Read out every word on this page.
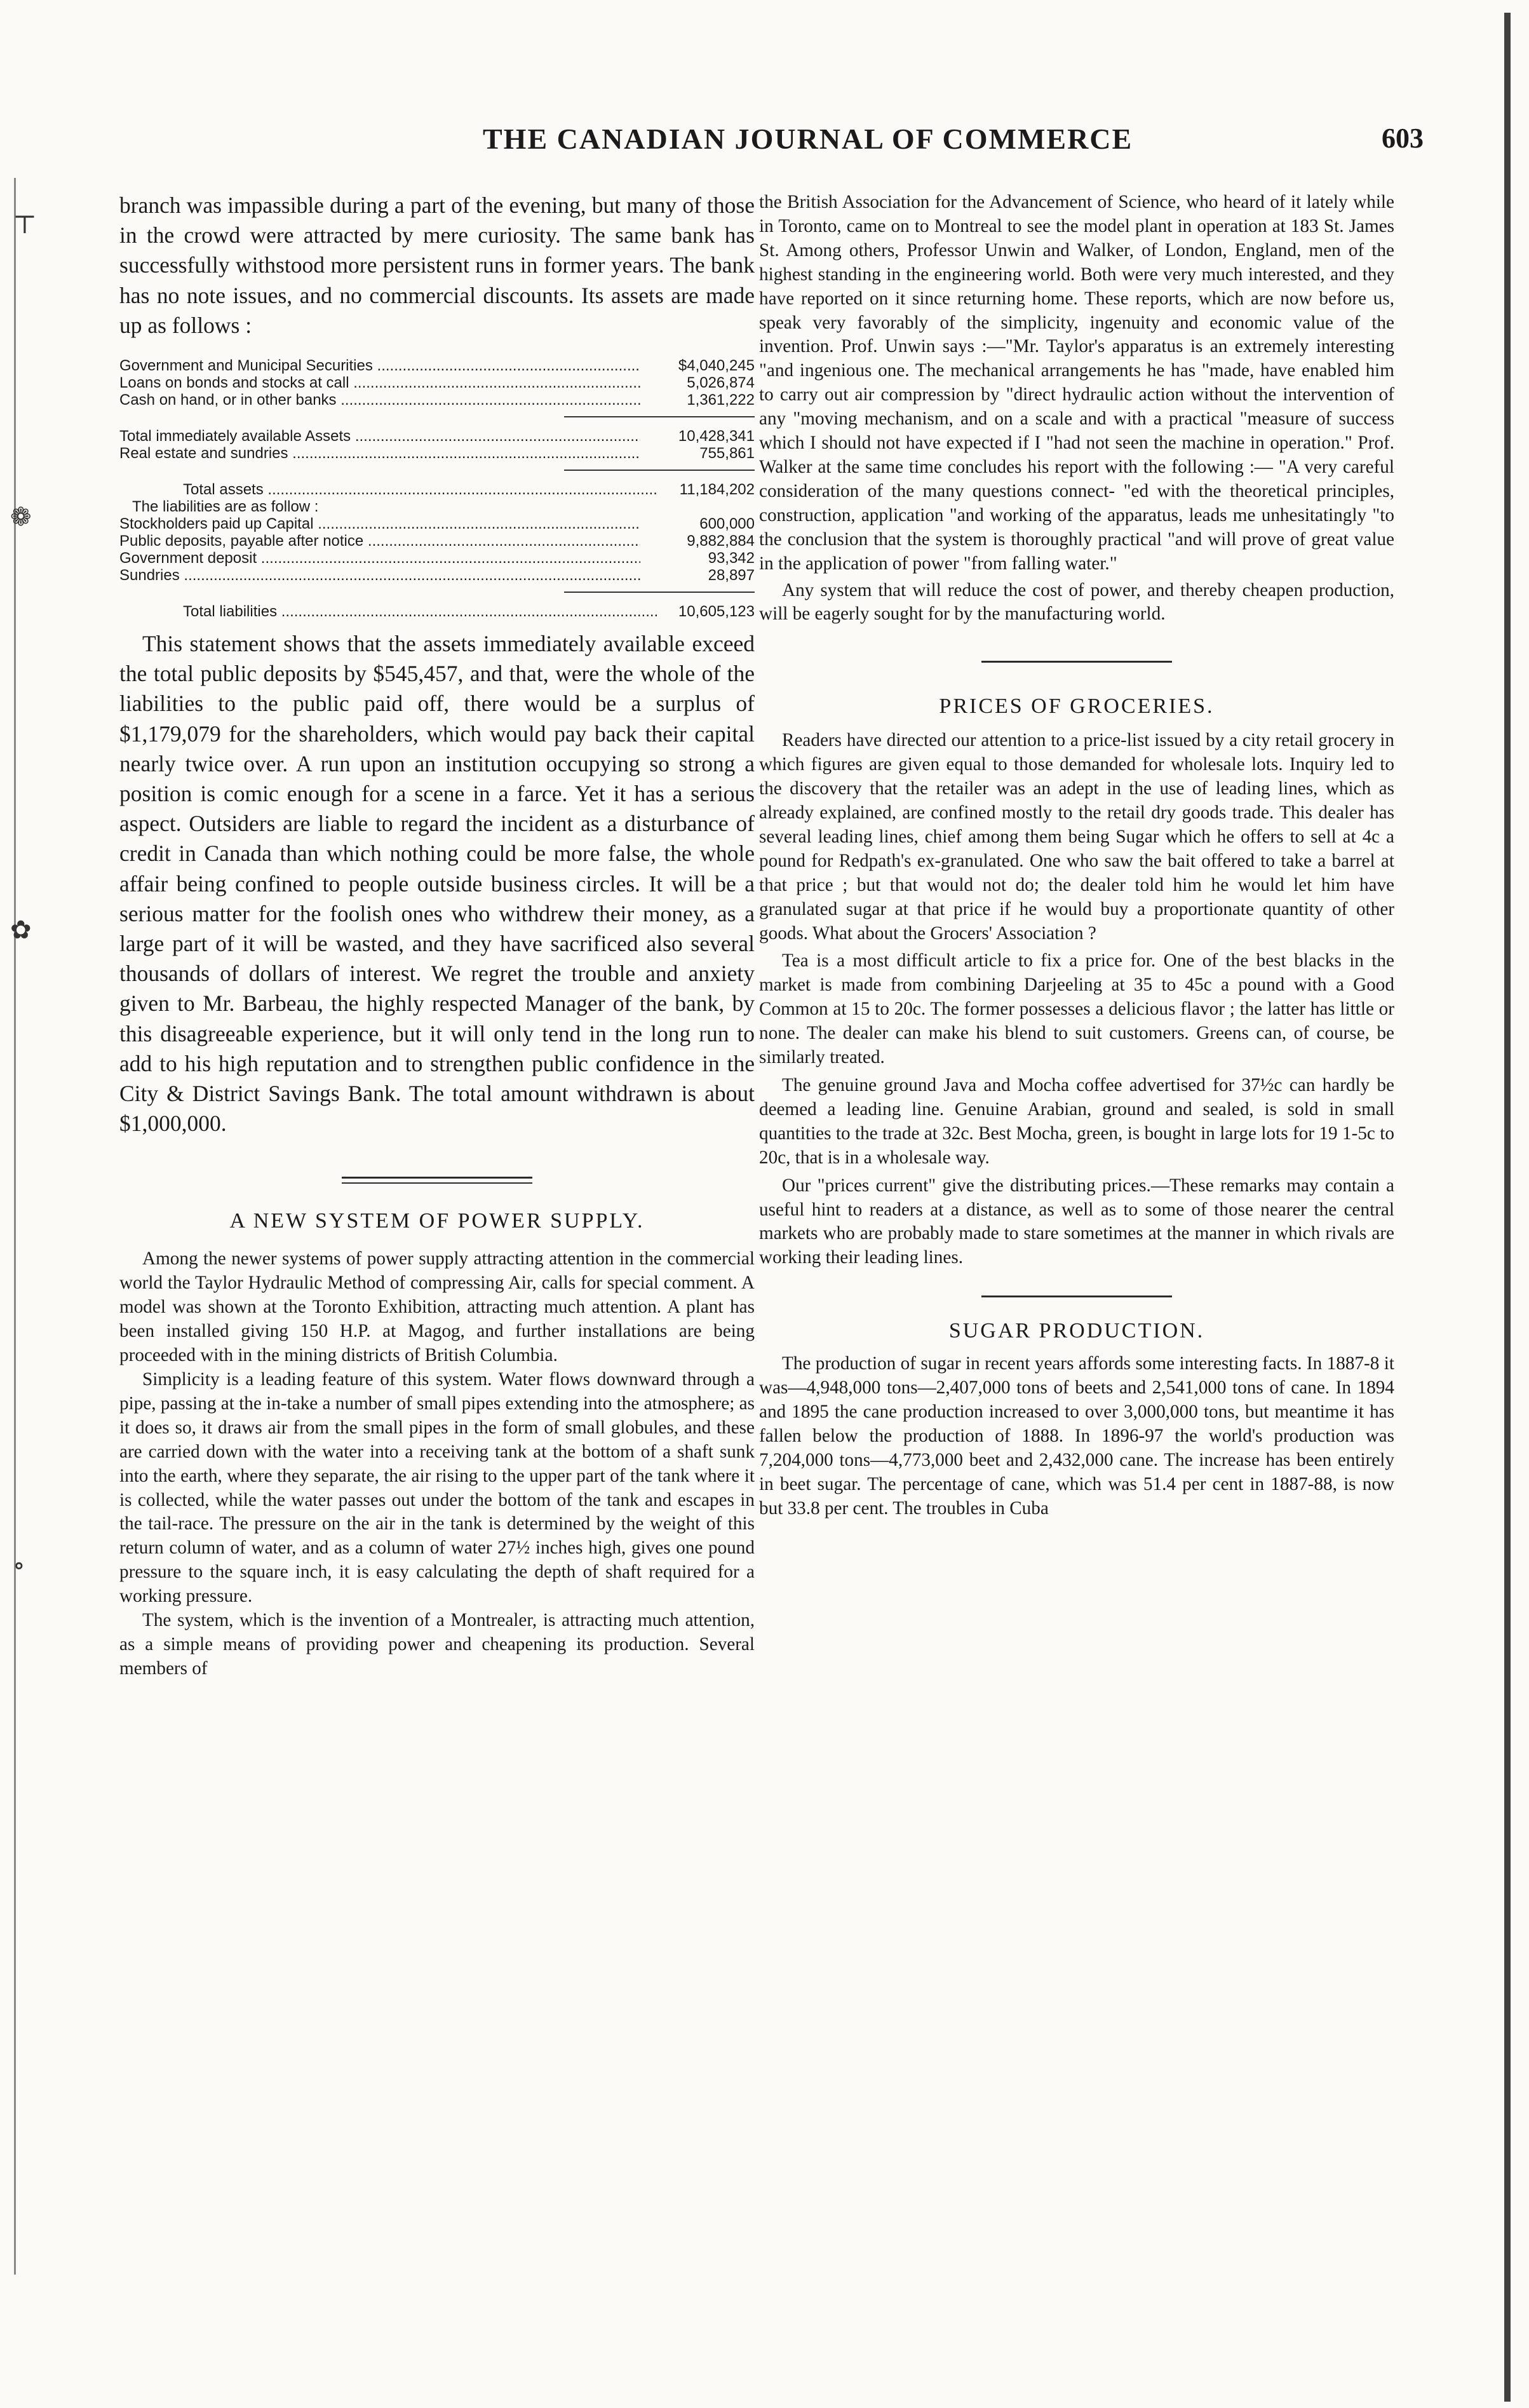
⊤
❁
✿
∘
THE CANADIAN JOURNAL OF COMMERCE	603

branch was impassible during a part of the evening, but many of those in the crowd were attracted by mere curiosity. The same bank has successfully withstood more persistent runs in former years. The bank has no note issues, and no commercial discounts. Its assets are made up as follows :

Government and Municipal Securities .....	$4,040,245
Loans on bonds and stocks at call .....	5,026,874
Cash on hand, or in other banks .....	1,361,222
Total immediately available Assets .....	10,428,341
Real estate and sundries .....	755,861
Total assets .....	11,184,202
The liabilities are as follow :
Stockholders paid up Capital .....	600,000
Public deposits, payable after notice .....	9,882,884
Government deposit .....	93,342
Sundries .....	28,897
Total liabilities .....	10,605,123

This statement shows that the assets immediately available exceed the total public deposits by $545,457, and that, were the whole of the liabilities to the public paid off, there would be a surplus of $1,179,079 for the shareholders, which would pay back their capital nearly twice over. A run upon an institution occupying so strong a position is comic enough for a scene in a farce. Yet it has a serious aspect. Outsiders are liable to regard the incident as a disturbance of credit in Canada than which nothing could be more false, the whole affair being confined to people outside business circles. It will be a serious matter for the foolish ones who withdrew their money, as a large part of it will be wasted, and they have sacrificed also several thousands of dollars of interest. We regret the trouble and anxiety given to Mr. Barbeau, the highly respected Manager of the bank, by this disagreeable experience, but it will only tend in the long run to add to his high reputation and to strengthen public confidence in the City & District Savings Bank. The total amount withdrawn is about $1,000,000.

A NEW SYSTEM OF POWER SUPPLY.

Among the newer systems of power supply attracting attention in the commercial world the Taylor Hydraulic Method of compressing Air, calls for special comment. A model was shown at the Toronto Exhibition, attracting much attention. A plant has been installed giving 150 H.P. at Magog, and further installations are being proceeded with in the mining districts of British Columbia.

Simplicity is a leading feature of this system. Water flows downward through a pipe, passing at the in-take a number of small pipes extending into the atmosphere; as it does so, it draws air from the small pipes in the form of small globules, and these are carried down with the water into a receiving tank at the bottom of a shaft sunk into the earth, where they separate, the air rising to the upper part of the tank where it is collected, while the water passes out under the bottom of the tank and escapes in the tail-race. The pressure on the air in the tank is determined by the weight of this return column of water, and as a column of water 27½ inches high, gives one pound pressure to the square inch, it is easy calculating the depth of shaft required for a working pressure.

The system, which is the invention of a Montrealer, is attracting much attention, as a simple means of providing power and cheapening its production. Several members of

the British Association for the Advancement of Science, who heard of it lately while in Toronto, came on to Montreal to see the model plant in operation at 183 St. James St. Among others, Professor Unwin and Walker, of London, England, men of the highest standing in the engineering world. Both were very much interested, and they have reported on it since returning home. These reports, which are now before us, speak very favorably of the simplicity, ingenuity and economic value of the invention. Prof. Unwin says :—"Mr. Taylor's apparatus is an extremely interesting "and ingenious one. The mechanical arrangements he has "made, have enabled him to carry out air compression by "direct hydraulic action without the intervention of any "moving mechanism, and on a scale and with a practical "measure of success which I should not have expected if I "had not seen the machine in operation." Prof. Walker at the same time concludes his report with the following :— "A very careful consideration of the many questions connect- "ed with the theoretical principles, construction, application "and working of the apparatus, leads me unhesitatingly "to the conclusion that the system is thoroughly practical "and will prove of great value in the application of power "from falling water."

Any system that will reduce the cost of power, and thereby cheapen production, will be eagerly sought for by the manufacturing world.

PRICES OF GROCERIES.

Readers have directed our attention to a price-list issued by a city retail grocery in which figures are given equal to those demanded for wholesale lots. Inquiry led to the discovery that the retailer was an adept in the use of leading lines, which as already explained, are confined mostly to the retail dry goods trade. This dealer has several leading lines, chief among them being Sugar which he offers to sell at 4c a pound for Redpath's ex-granulated. One who saw the bait offered to take a barrel at that price ; but that would not do; the dealer told him he would let him have granulated sugar at that price if he would buy a proportionate quantity of other goods. What about the Grocers' Association ?

Tea is a most difficult article to fix a price for. One of the best blacks in the market is made from combining Darjeeling at 35 to 45c a pound with a Good Common at 15 to 20c. The former possesses a delicious flavor ; the latter has little or none. The dealer can make his blend to suit customers. Greens can, of course, be similarly treated.

The genuine ground Java and Mocha coffee advertised for 37½c can hardly be deemed a leading line. Genuine Arabian, ground and sealed, is sold in small quantities to the trade at 32c. Best Mocha, green, is bought in large lots for 19 1-5c to 20c, that is in a wholesale way.

Our "prices current" give the distributing prices.—These remarks may contain a useful hint to readers at a distance, as well as to some of those nearer the central markets who are probably made to stare sometimes at the manner in which rivals are working their leading lines.

SUGAR PRODUCTION.

The production of sugar in recent years affords some interesting facts. In 1887-8 it was—4,948,000 tons—2,407,000 tons of beets and 2,541,000 tons of cane. In 1894 and 1895 the cane production increased to over 3,000,000 tons, but meantime it has fallen below the production of 1888. In 1896-97 the world's production was 7,204,000 tons—4,773,000 beet and 2,432,000 cane. The increase has been entirely in beet sugar. The percentage of cane, which was 51.4 per cent in 1887-88, is now but 33.8 per cent. The troubles in Cuba
